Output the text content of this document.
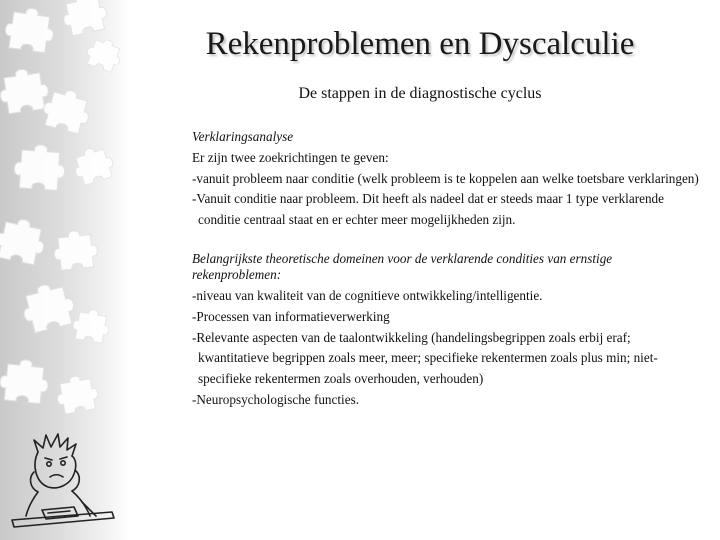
Rekenproblemen en Dyscalculie
De stappen in de diagnostische cyclus

Verklaringsanalyse

Er zijn twee zoekrichtingen te geven:

-vanuit probleem naar conditie (welk probleem is te koppelen aan welke toetsbare verklaringen)

-Vanuit conditie naar probleem. Dit heeft als nadeel dat er steeds maar 1 type verklarende conditie centraal staat en er echter meer mogelijkheden zijn.

Belangrijkste theoretische domeinen voor de verklarende condities van ernstige rekenproblemen:

-niveau van kwaliteit van de cognitieve ontwikkeling/intelligentie.

-Processen van informatieverwerking

-Relevante aspecten van de taalontwikkeling (handelingsbegrippen zoals erbij eraf; kwantitatieve begrippen zoals meer, meer; specifieke rekentermen zoals plus min; niet-specifieke rekentermen zoals overhouden, verhouden)

-Neuropsychologische functies.
